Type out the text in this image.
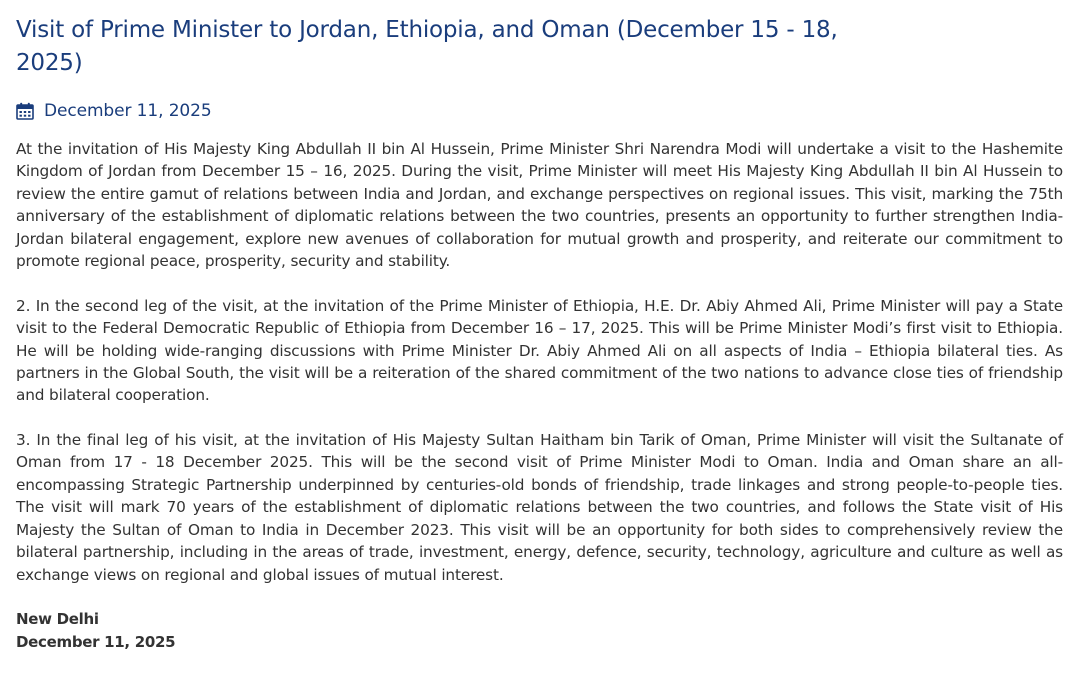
Visit of Prime Minister to Jordan, Ethiopia, and Oman (December 15 - 18, 2025)
December 11, 2025

At the invitation of His Majesty King Abdullah II bin Al Hussein, Prime Minister Shri Narendra Modi will undertake a visit to the Hashemite Kingdom of Jordan from December 15 – 16, 2025. During the visit, Prime Minister will meet His Majesty King Abdullah II bin Al Hussein to review the entire gamut of relations between India and Jordan, and exchange perspectives on regional issues. This visit, marking the 75th anniversary of the establishment of diplomatic relations between the two countries, presents an opportunity to further strengthen India-Jordan bilateral engagement, explore new avenues of collaboration for mutual growth and prosperity, and reiterate our commitment to promote regional peace, prosperity, security and stability.

2. In the second leg of the visit, at the invitation of the Prime Minister of Ethiopia, H.E. Dr. Abiy Ahmed Ali, Prime Minister will pay a State visit to the Federal Democratic Republic of Ethiopia from December 16 – 17, 2025. This will be Prime Minister Modi’s first visit to Ethiopia. He will be holding wide-ranging discussions with Prime Minister Dr. Abiy Ahmed Ali on all aspects of India – Ethiopia bilateral ties. As partners in the Global South, the visit will be a reiteration of the shared commitment of the two nations to advance close ties of friendship and bilateral cooperation.

3. In the final leg of his visit, at the invitation of His Majesty Sultan Haitham bin Tarik of Oman, Prime Minister will visit the Sultanate of Oman from 17 - 18 December 2025. This will be the second visit of Prime Minister Modi to Oman. India and Oman share an all-encompassing Strategic Partnership underpinned by centuries-old bonds of friendship, trade linkages and strong people-to-people ties. The visit will mark 70 years of the establishment of diplomatic relations between the two countries, and follows the State visit of His Majesty the Sultan of Oman to India in December 2023. This visit will be an opportunity for both sides to comprehensively review the bilateral partnership, including in the areas of trade, investment, energy, defence, security, technology, agriculture and culture as well as exchange views on regional and global issues of mutual interest.

New Delhi

December 11, 2025
